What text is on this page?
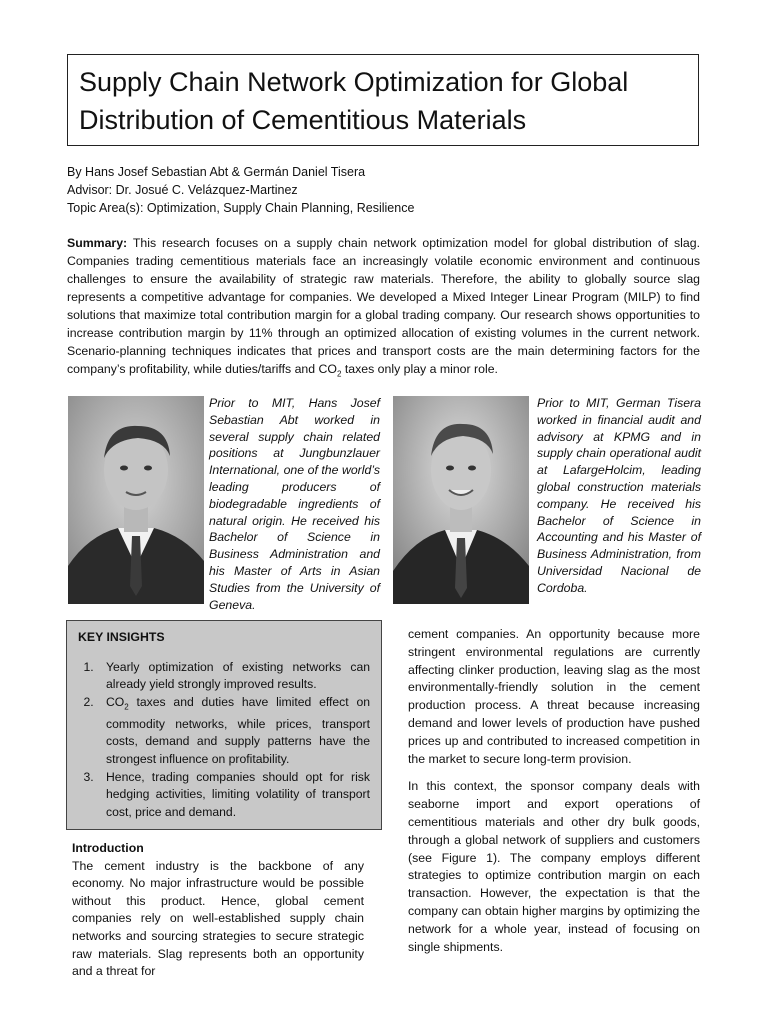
Supply Chain Network Optimization for Global Distribution of Cementitious Materials
By Hans Josef Sebastian Abt & Germán Daniel Tisera
Advisor: Dr. Josué C. Velázquez-Martinez
Topic Area(s): Optimization, Supply Chain Planning, Resilience
Summary: This research focuses on a supply chain network optimization model for global distribution of slag. Companies trading cementitious materials face an increasingly volatile economic environment and continuous challenges to ensure the availability of strategic raw materials. Therefore, the ability to globally source slag represents a competitive advantage for companies. We developed a Mixed Integer Linear Program (MILP) to find solutions that maximize total contribution margin for a global trading company. Our research shows opportunities to increase contribution margin by 11% through an optimized allocation of existing volumes in the current network. Scenario-planning techniques indicates that prices and transport costs are the main determining factors for the company’s profitability, while duties/tariffs and $CO_2$ taxes only play a minor role.
Prior to MIT, Hans Josef Sebastian Abt worked in several supply chain related positions at Jungbunzlauer International, one of the world’s leading producers of biodegradable ingredients of natural origin. He received his Bachelor of Science in Business Administration and his Master of Arts in Asian Studies from the University of Geneva.
Prior to MIT, German Tisera worked in financial audit and advisory at KPMG and in supply chain operational audit at LafargeHolcim, leading global construction materials company. He received his Bachelor of Science in Accounting and his Master of Business Administration, from Universidad Nacional de Cordoba.
KEY INSIGHTS
1. Yearly optimization of existing networks can already yield strongly improved results.
2. $CO_2$ taxes and duties have limited effect on commodity networks, while prices, transport costs, demand and supply patterns have the strongest influence on profitability.
3. Hence, trading companies should opt for risk hedging activities, limiting volatility of transport cost, price and demand.
Introduction

The cement industry is the backbone of any economy. No major infrastructure would be possible without this product. Hence, global cement companies rely on well-established supply chain networks and sourcing strategies to secure strategic raw materials. Slag represents both an opportunity and a threat for

cement companies. An opportunity because more stringent environmental regulations are currently affecting clinker production, leaving slag as the most environmentally-friendly solution in the cement production process. A threat because increasing demand and lower levels of production have pushed prices up and contributed to increased competition in the market to secure long-term provision.

In this context, the sponsor company deals with seaborne import and export operations of cementitious materials and other dry bulk goods, through a global network of suppliers and customers (see Figure 1). The company employs different strategies to optimize contribution margin on each transaction. However, the expectation is that the company can obtain higher margins by optimizing the network for a whole year, instead of focusing on single shipments.
